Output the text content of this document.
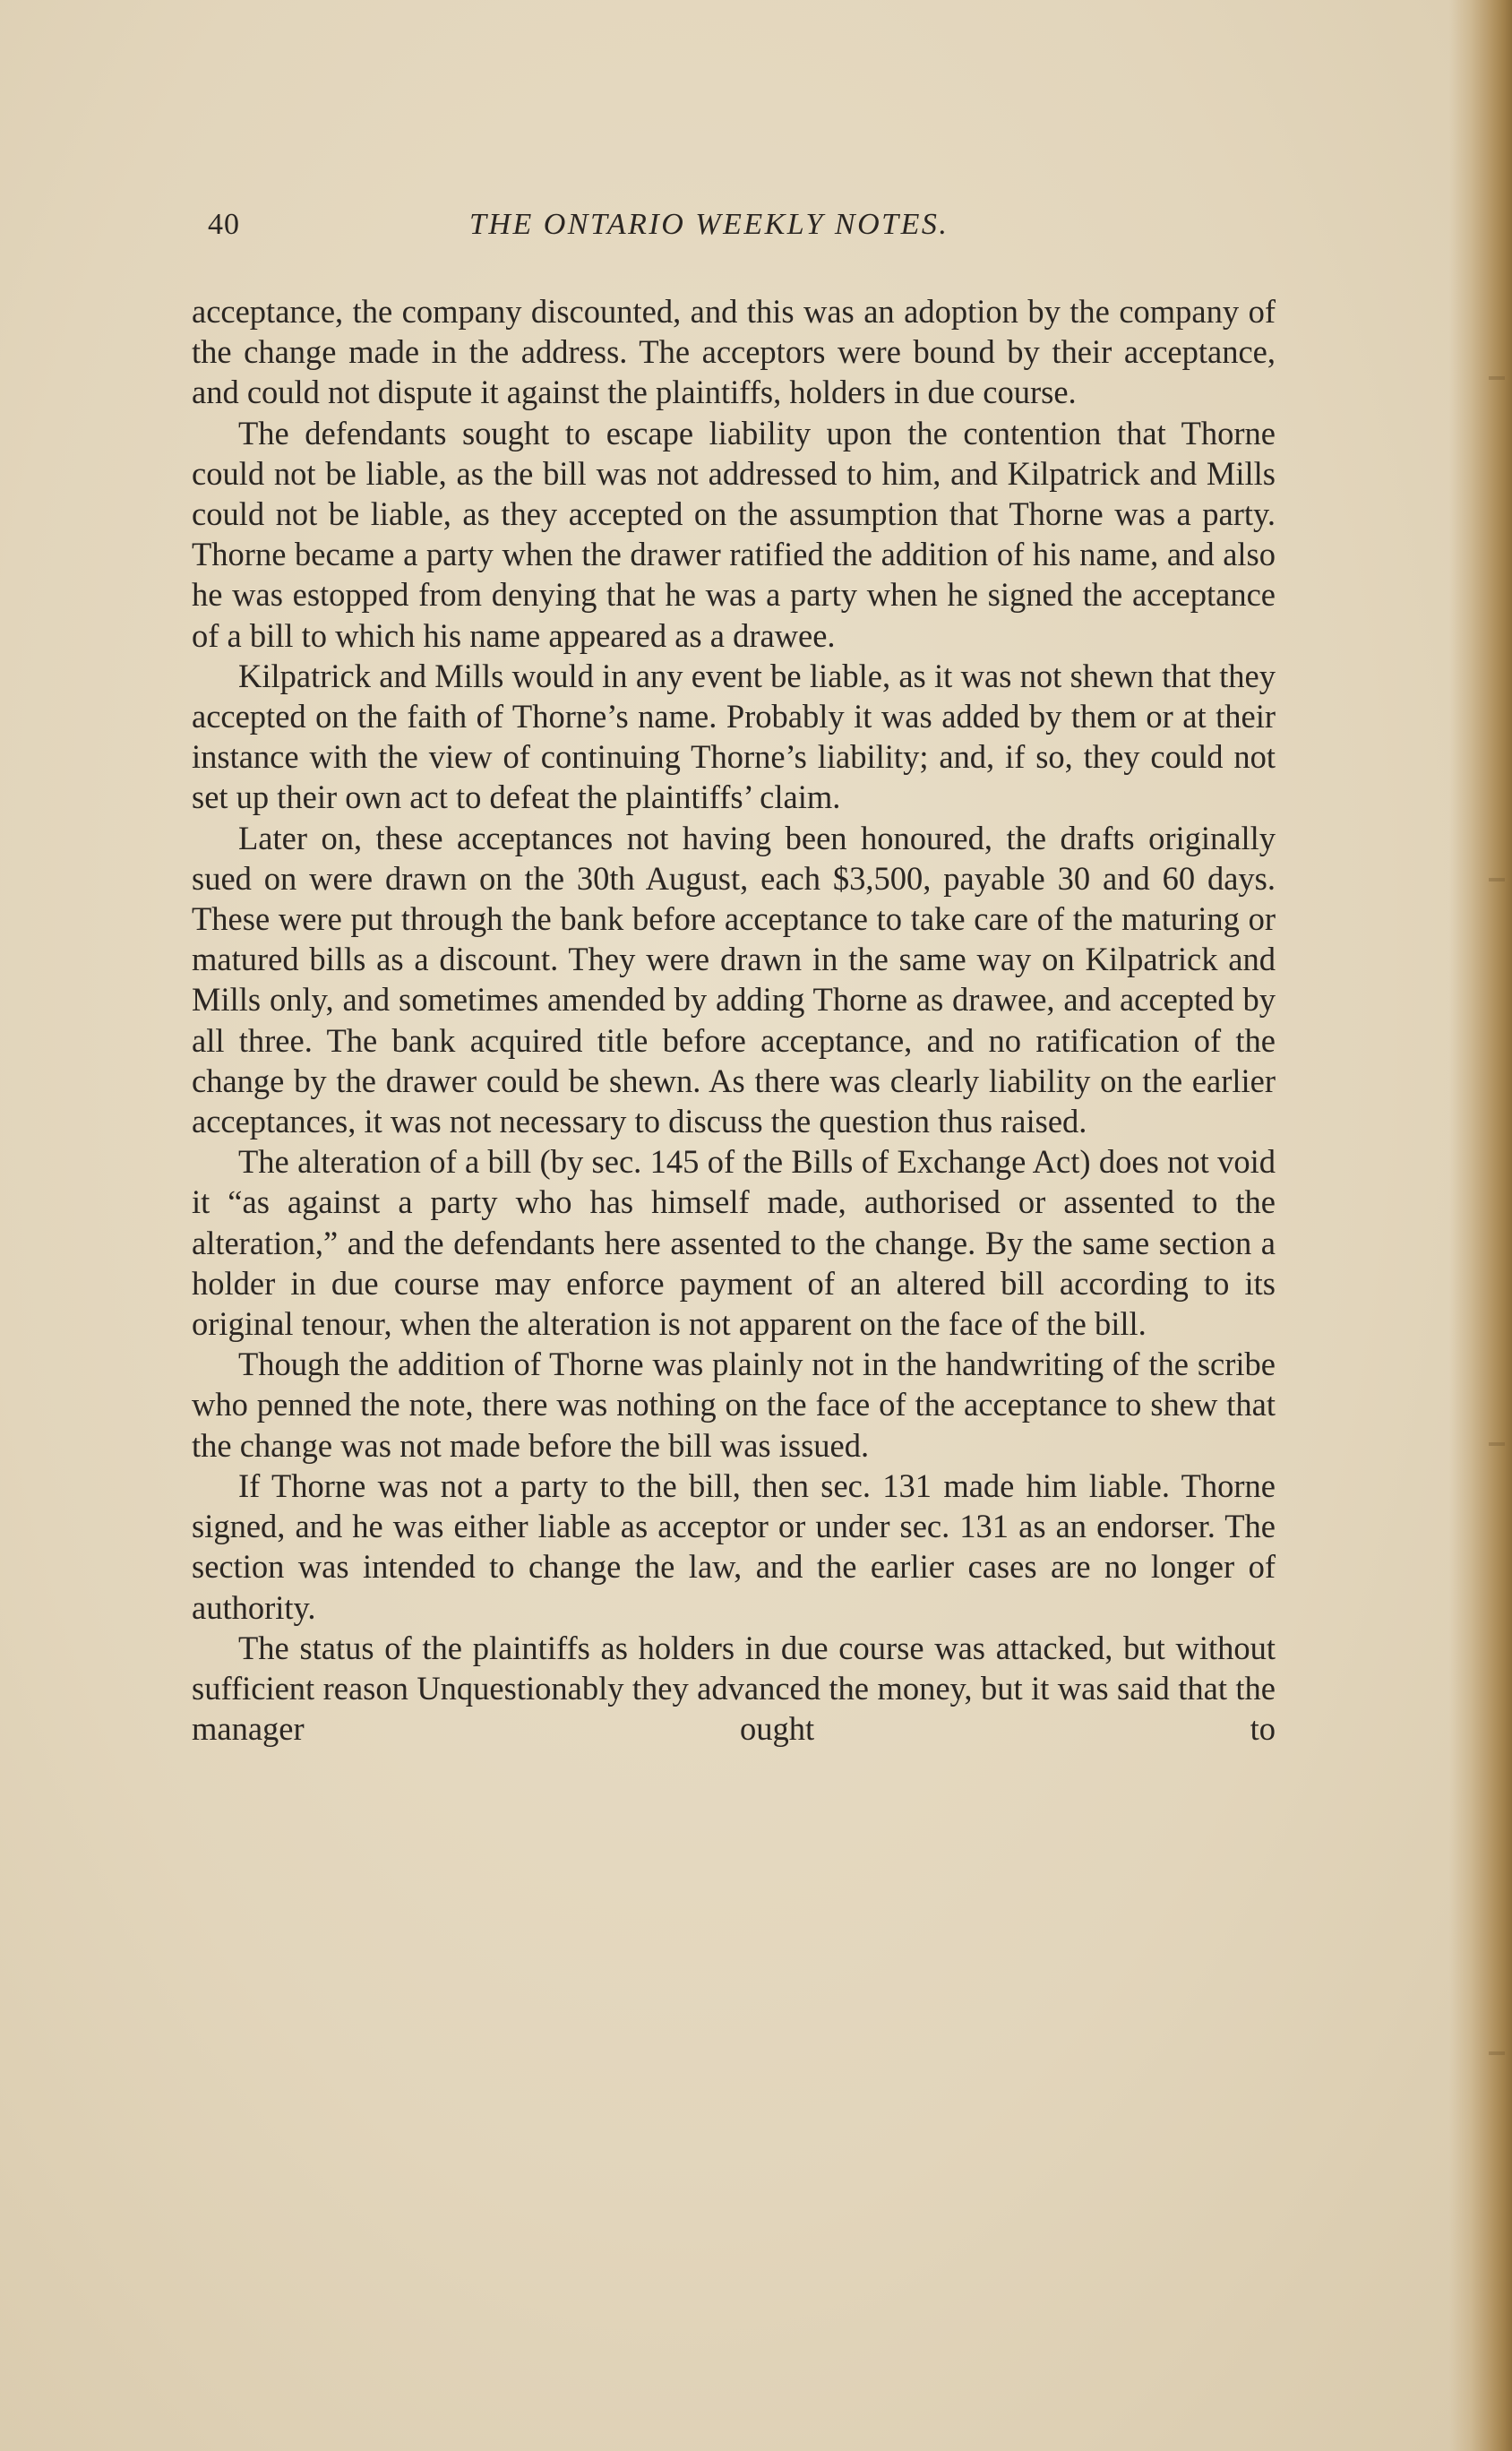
40	THE ONTARIO WEEKLY NOTES.

acceptance, the company discounted, and this was an adoption by the company of the change made in the address. The acceptors were bound by their acceptance, and could not dispute it against the plaintiffs, holders in due course.

The defendants sought to escape liability upon the contention that Thorne could not be liable, as the bill was not addressed to him, and Kilpatrick and Mills could not be liable, as they accepted on the assumption that Thorne was a party. Thorne became a party when the drawer ratified the addition of his name, and also he was estopped from denying that he was a party when he signed the acceptance of a bill to which his name appeared as a drawee.

Kilpatrick and Mills would in any event be liable, as it was not shewn that they accepted on the faith of Thorne’s name. Probably it was added by them or at their instance with the view of continuing Thorne’s liability; and, if so, they could not set up their own act to defeat the plaintiffs’ claim.

Later on, these acceptances not having been honoured, the drafts originally sued on were drawn on the 30th August, each $3,500, payable 30 and 60 days. These were put through the bank before acceptance to take care of the maturing or matured bills as a discount. They were drawn in the same way on Kilpatrick and Mills only, and sometimes amended by adding Thorne as drawee, and accepted by all three. The bank acquired title before acceptance, and no ratification of the change by the drawer could be shewn. As there was clearly liability on the earlier acceptances, it was not necessary to discuss the question thus raised.

The alteration of a bill (by sec. 145 of the Bills of Exchange Act) does not void it “as against a party who has himself made, authorised or assented to the alteration,” and the defendants here assented to the change. By the same section a holder in due course may enforce payment of an altered bill according to its original tenour, when the alteration is not apparent on the face of the bill.

Though the addition of Thorne was plainly not in the handwriting of the scribe who penned the note, there was nothing on the face of the acceptance to shew that the change was not made before the bill was issued.

If Thorne was not a party to the bill, then sec. 131 made him liable. Thorne signed, and he was either liable as acceptor or under sec. 131 as an endorser. The section was intended to change the law, and the earlier cases are no longer of authority.

The status of the plaintiffs as holders in due course was attacked, but without sufficient reason Unquestionably they advanced the money, but it was said that the manager ought to
